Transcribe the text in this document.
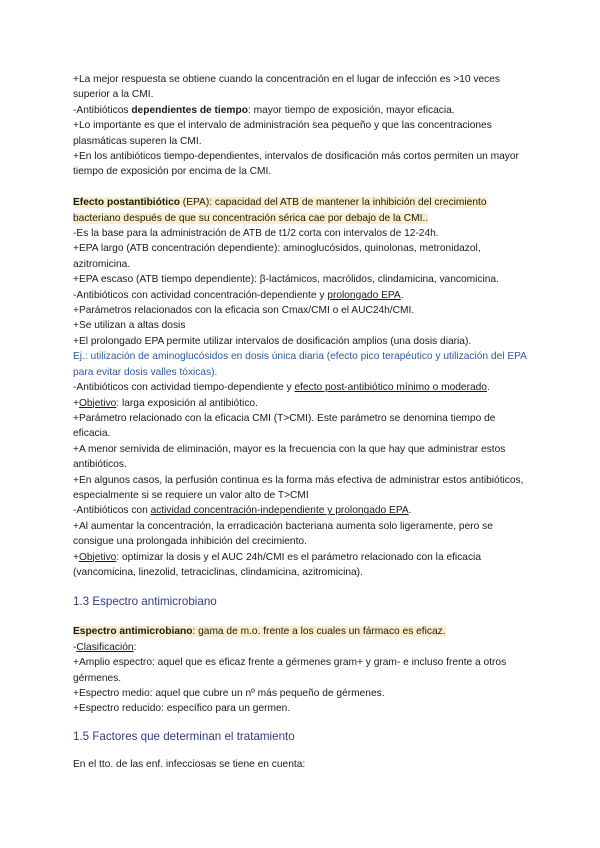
+La mejor respuesta se obtiene cuando la concentración en el lugar de infección es >10 veces superior a la CMI.

-Antibióticos dependientes de tiempo: mayor tiempo de exposición, mayor eficacia.

+Lo importante es que el intervalo de administración sea pequeño y que las concentraciones plasmáticas superen la CMI.

+En los antibióticos tiempo-dependientes, intervalos de dosificación más cortos permiten un mayor tiempo de exposición por encima de la CMI.

Efecto postantibiótico (EPA): capacidad del ATB de mantener la inhibición del crecimiento bacteriano después de que su concentración sérica cae por debajo de la CMI..

-Es la base para la administración de ATB de t1/2 corta con intervalos de 12-24h.

+EPA largo (ATB concentración dependiente): aminoglucósidos, quinolonas, metronidazol, azitromicina.

+EPA escaso (ATB tiempo dependiente): β-lactámicos, macrólidos, clindamicina, vancomicina.

-Antibióticos con actividad concentración-dependiente y prolongado EPA.

+Parámetros relacionados con la eficacia son Cmax/CMI o el AUC24h/CMI.

+Se utilizan a altas dosis

+El prolongado EPA permite utilizar intervalos de dosificación amplios (una dosis diaria).

Ej.: utilización de aminoglucósidos en dosis única diaria (efecto pico terapéutico y utilización del EPA para evitar dosis valles tóxicas).

-Antibióticos con actividad tiempo-dependiente y efecto post-antibiótico mínimo o moderado.

+Objetivo: larga exposición al antibiótico.

+Parámetro relacionado con la eficacia CMI (T>CMI). Este parámetro se denomina tiempo de eficacia.

+A menor semivida de eliminación, mayor es la frecuencia con la que hay que administrar estos antibióticos.

+En algunos casos, la perfusión continua es la forma más efectiva de administrar estos antibióticos, especialmente si se requiere un valor alto de T>CMI

-Antibióticos con actividad concentración-independiente y prolongado EPA.

+Al aumentar la concentración, la erradicación bacteriana aumenta solo ligeramente, pero se consigue una prolongada inhibición del crecimiento.

+Objetivo: optimizar la dosis y el AUC 24h/CMI es el parámetro relacionado con la eficacia (vancomicina, linezolid, tetraciclinas, clindamicina, azitromicina).

1.3 Espectro antimicrobiano

Espectro antimicrobiano: gama de m.o. frente a los cuales un fármaco es eficaz.

-Clasificación:

+Amplio espectro: aquel que es eficaz frente a gérmenes gram+ y gram- e incluso frente a otros gérmenes.

+Espectro medio: aquel que cubre un nº más pequeño de gérmenes.

+Espectro reducido: específico para un germen.

1.5 Factores que determinan el tratamiento

En el tto. de las enf. infecciosas se tiene en cuenta:
